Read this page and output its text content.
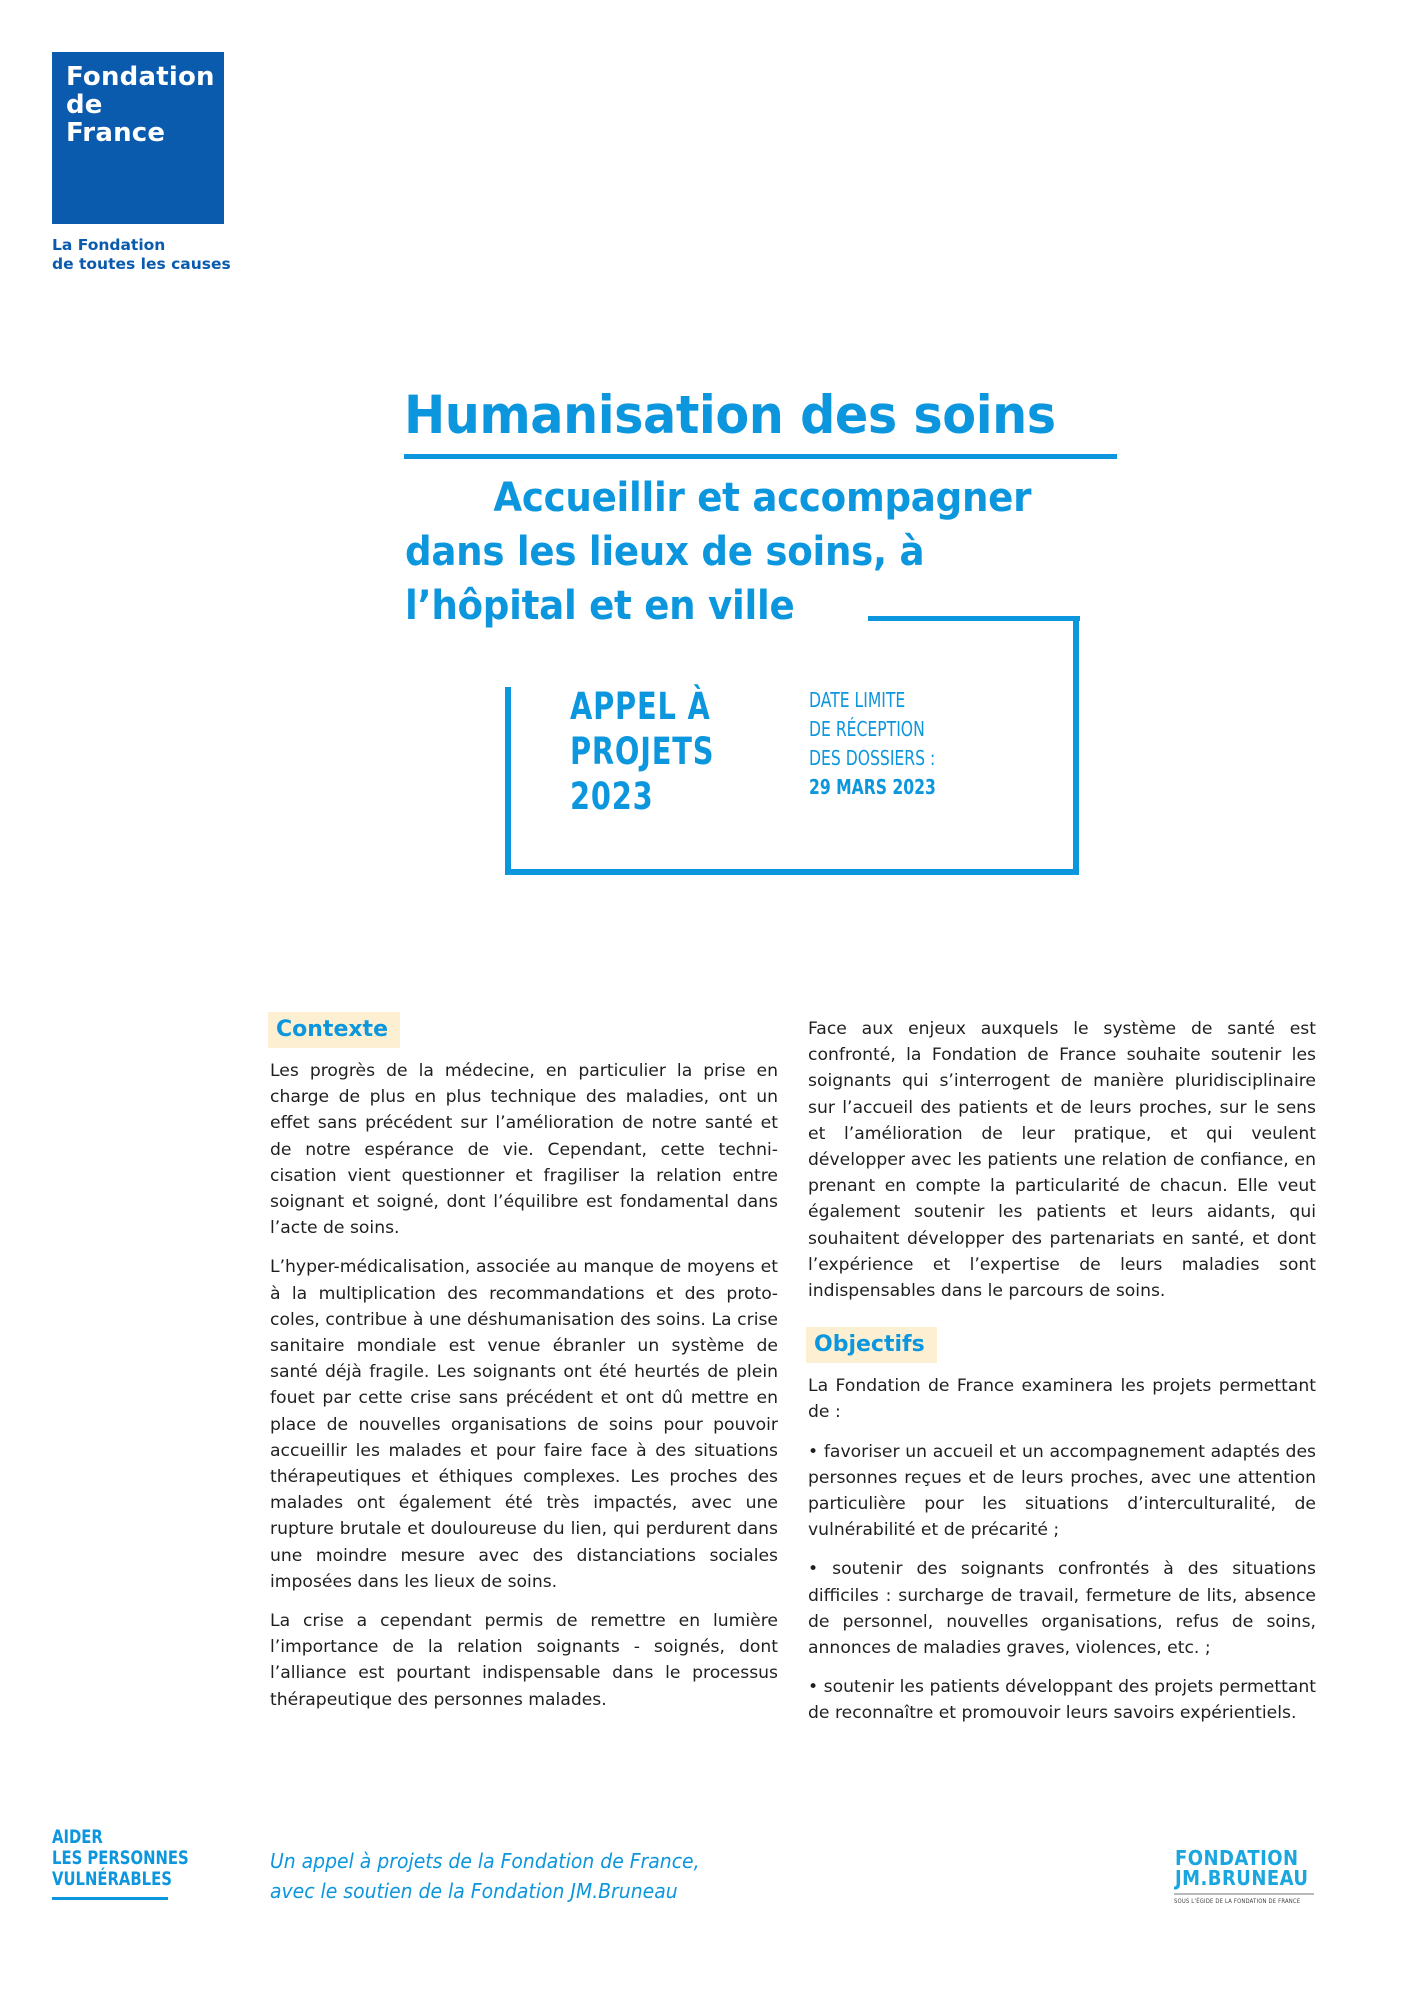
Fondation
de
France
La Fondation
de toutes les causes
Humanisation des soins
Accueillir et accompagner
dans les lieux de soins, à
l’hôpital et en ville
APPEL À
PROJETS
2023
DATE LIMITE
DE RÉCEPTION
DES DOSSIERS :
29 MARS 2023
Contexte

Les progrès de la médecine, en particulier la prise en charge de plus en plus technique des maladies, ont un effet sans précédent sur l’amélioration de notre santé et de notre espérance de vie. Cependant, cette technicisation vient questionner et fragiliser la relation entre soignant et soigné, dont l’équilibre est fondamental dans l’acte de soins.

L’hyper-médicalisation, associée au manque de moyens et à la multiplication des recommandations et des protocoles, contribue à une déshumanisation des soins. La crise sanitaire mondiale est venue ébranler un système de santé déjà fragile. Les soignants ont été heurtés de plein fouet par cette crise sans précédent et ont dû mettre en place de nouvelles organisations de soins pour pouvoir accueillir les malades et pour faire face à des situations thérapeutiques et éthiques complexes. Les proches des malades ont également été très impactés, avec une rupture brutale et douloureuse du lien, qui perdurent dans une moindre mesure avec des distanciations sociales imposées dans les lieux de soins.

La crise a cependant permis de remettre en lumière l’importance de la relation soignants - soignés, dont l’alliance est pourtant indispensable dans le processus thérapeutique des personnes malades.

Face aux enjeux auxquels le système de santé est confronté, la Fondation de France souhaite soutenir les soignants qui s’interrogent de manière pluridisciplinaire sur l’accueil des patients et de leurs proches, sur le sens et l’amélioration de leur pratique, et qui veulent développer avec les patients une relation de confiance, en prenant en compte la particularité de chacun. Elle veut également soutenir les patients et leurs aidants, qui souhaitent développer des partenariats en santé, et dont l’expérience et l’expertise de leurs maladies sont indispensables dans le parcours de soins.

Objectifs

La Fondation de France examinera les projets permettant de :

• favoriser un accueil et un accompagnement adaptés des personnes reçues et de leurs proches, avec une attention particulière pour les situations d’interculturalité, de vulnérabilité et de précarité ;

• soutenir des soignants confrontés à des situations difficiles : surcharge de travail, fermeture de lits, absence de personnel, nouvelles organisations, refus de soins, annonces de maladies graves, violences, etc. ;

• soutenir les patients développant des projets permettant de reconnaître et promouvoir leurs savoirs expérientiels.

AIDER
LES PERSONNES
VULNÉRABLES
Un appel à projets de la Fondation de France,
avec le soutien de la Fondation JM.Bruneau
FONDATION
JM.BRUNEAU
SOUS L’ÉGIDE DE LA FONDATION DE FRANCE
